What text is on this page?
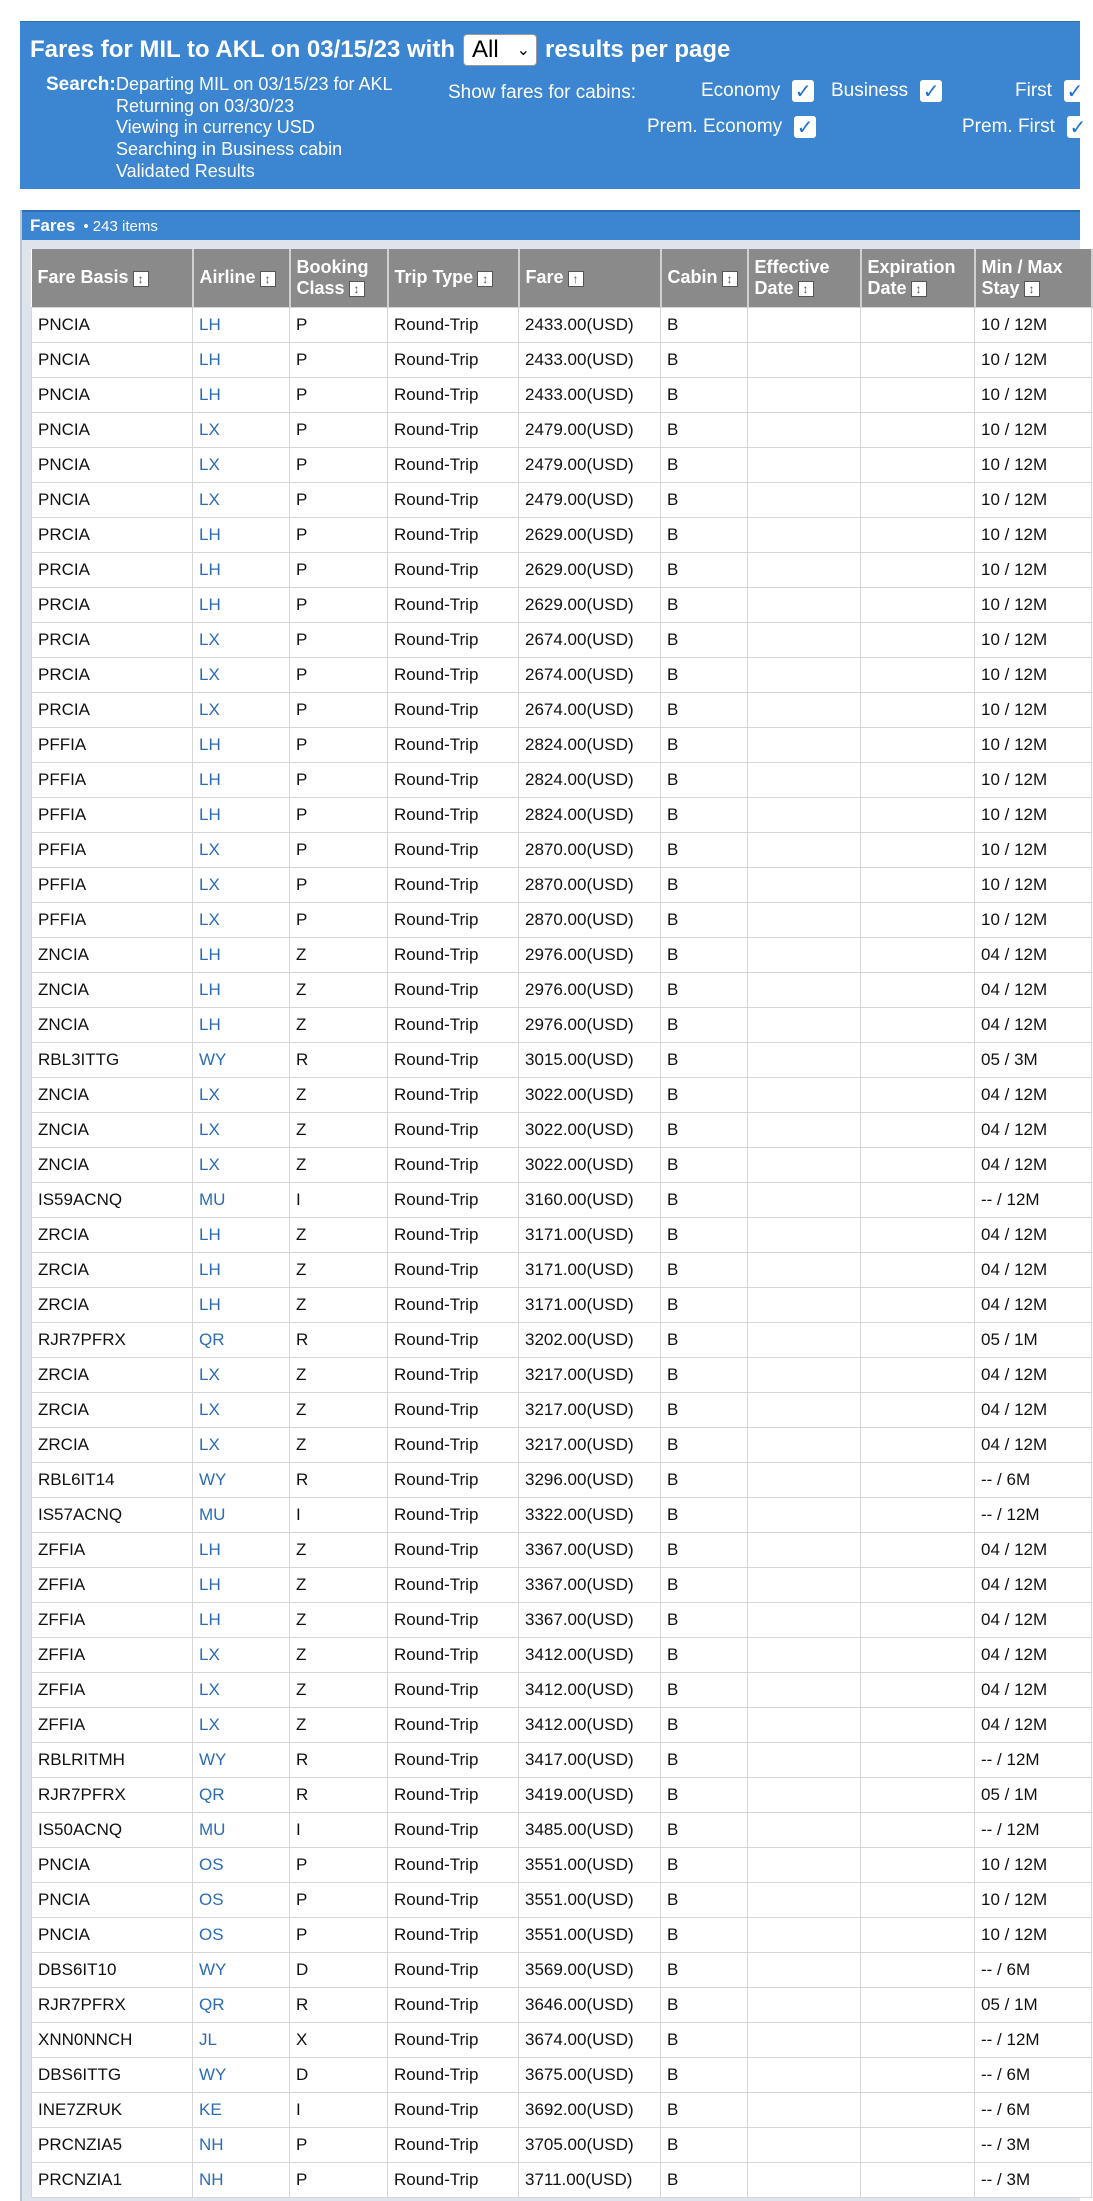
Fares for MIL to AKL on 03/15/23 with All ⌄ results per page
Search: Departing MIL on 03/15/23 for AKL
Returning on 03/30/23
Viewing in currency USD
Searching in Business cabin
Validated Results
Show fares for cabins:	Economy ✓ Business ✓	First ✓
Prem. Economy ✓	Prem. First ✓
Fares • 243 items
Fare Basis ↕	Airline ↕	Booking Class ↕	Trip Type ↕	Fare ↑	Cabin ↕	Effective Date ↕	Expiration Date ↕	Min / Max Stay ↕
PNCIA	LH	P	Round-Trip	2433.00(USD)	B			10 / 12M
PNCIA	LH	P	Round-Trip	2433.00(USD)	B			10 / 12M
PNCIA	LH	P	Round-Trip	2433.00(USD)	B			10 / 12M
PNCIA	LX	P	Round-Trip	2479.00(USD)	B			10 / 12M
PNCIA	LX	P	Round-Trip	2479.00(USD)	B			10 / 12M
PNCIA	LX	P	Round-Trip	2479.00(USD)	B			10 / 12M
PRCIA	LH	P	Round-Trip	2629.00(USD)	B			10 / 12M
PRCIA	LH	P	Round-Trip	2629.00(USD)	B			10 / 12M
PRCIA	LH	P	Round-Trip	2629.00(USD)	B			10 / 12M
PRCIA	LX	P	Round-Trip	2674.00(USD)	B			10 / 12M
PRCIA	LX	P	Round-Trip	2674.00(USD)	B			10 / 12M
PRCIA	LX	P	Round-Trip	2674.00(USD)	B			10 / 12M
PFFIA	LH	P	Round-Trip	2824.00(USD)	B			10 / 12M
PFFIA	LH	P	Round-Trip	2824.00(USD)	B			10 / 12M
PFFIA	LH	P	Round-Trip	2824.00(USD)	B			10 / 12M
PFFIA	LX	P	Round-Trip	2870.00(USD)	B			10 / 12M
PFFIA	LX	P	Round-Trip	2870.00(USD)	B			10 / 12M
PFFIA	LX	P	Round-Trip	2870.00(USD)	B			10 / 12M
ZNCIA	LH	Z	Round-Trip	2976.00(USD)	B			04 / 12M
ZNCIA	LH	Z	Round-Trip	2976.00(USD)	B			04 / 12M
ZNCIA	LH	Z	Round-Trip	2976.00(USD)	B			04 / 12M
RBL3ITTG	WY	R	Round-Trip	3015.00(USD)	B			05 / 3M
ZNCIA	LX	Z	Round-Trip	3022.00(USD)	B			04 / 12M
ZNCIA	LX	Z	Round-Trip	3022.00(USD)	B			04 / 12M
ZNCIA	LX	Z	Round-Trip	3022.00(USD)	B			04 / 12M
IS59ACNQ	MU	I	Round-Trip	3160.00(USD)	B			-- / 12M
ZRCIA	LH	Z	Round-Trip	3171.00(USD)	B			04 / 12M
ZRCIA	LH	Z	Round-Trip	3171.00(USD)	B			04 / 12M
ZRCIA	LH	Z	Round-Trip	3171.00(USD)	B			04 / 12M
RJR7PFRX	QR	R	Round-Trip	3202.00(USD)	B			05 / 1M
ZRCIA	LX	Z	Round-Trip	3217.00(USD)	B			04 / 12M
ZRCIA	LX	Z	Round-Trip	3217.00(USD)	B			04 / 12M
ZRCIA	LX	Z	Round-Trip	3217.00(USD)	B			04 / 12M
RBL6IT14	WY	R	Round-Trip	3296.00(USD)	B			-- / 6M
IS57ACNQ	MU	I	Round-Trip	3322.00(USD)	B			-- / 12M
ZFFIA	LH	Z	Round-Trip	3367.00(USD)	B			04 / 12M
ZFFIA	LH	Z	Round-Trip	3367.00(USD)	B			04 / 12M
ZFFIA	LH	Z	Round-Trip	3367.00(USD)	B			04 / 12M
ZFFIA	LX	Z	Round-Trip	3412.00(USD)	B			04 / 12M
ZFFIA	LX	Z	Round-Trip	3412.00(USD)	B			04 / 12M
ZFFIA	LX	Z	Round-Trip	3412.00(USD)	B			04 / 12M
RBLRITMH	WY	R	Round-Trip	3417.00(USD)	B			-- / 12M
RJR7PFRX	QR	R	Round-Trip	3419.00(USD)	B			05 / 1M
IS50ACNQ	MU	I	Round-Trip	3485.00(USD)	B			-- / 12M
PNCIA	OS	P	Round-Trip	3551.00(USD)	B			10 / 12M
PNCIA	OS	P	Round-Trip	3551.00(USD)	B			10 / 12M
PNCIA	OS	P	Round-Trip	3551.00(USD)	B			10 / 12M
DBS6IT10	WY	D	Round-Trip	3569.00(USD)	B			-- / 6M
RJR7PFRX	QR	R	Round-Trip	3646.00(USD)	B			05 / 1M
XNN0NNCH	JL	X	Round-Trip	3674.00(USD)	B			-- / 12M
DBS6ITTG	WY	D	Round-Trip	3675.00(USD)	B			-- / 6M
INE7ZRUK	KE	I	Round-Trip	3692.00(USD)	B			-- / 6M
PRCNZIA5	NH	P	Round-Trip	3705.00(USD)	B			-- / 3M
PRCNZIA1	NH	P	Round-Trip	3711.00(USD)	B			-- / 3M
